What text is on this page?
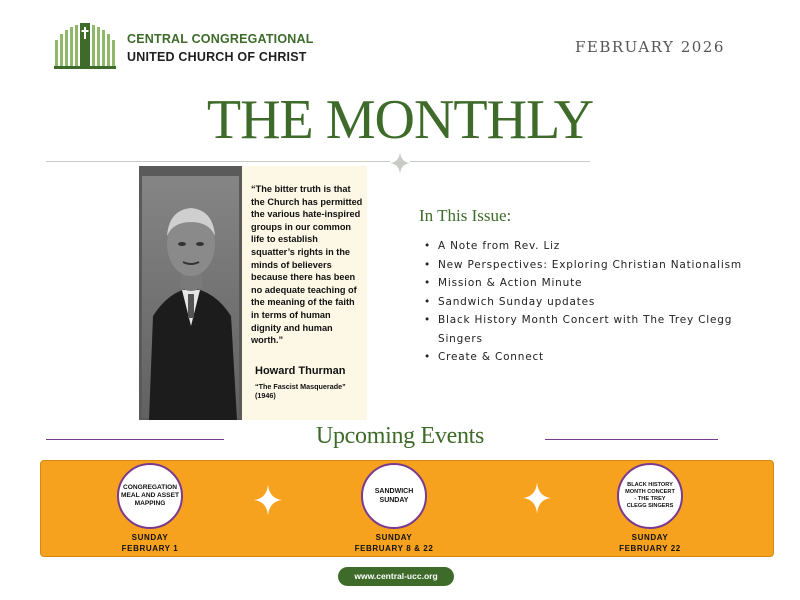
CENTRAL CONGREGATIONAL
UNITED CHURCH OF CHRIST
FEBRUARY 2026
THE MONTHLY
“The bitter truth is that the Church has permitted the various hate-inspired groups in our common life to establish squatter’s rights in the minds of believers because there has been no adequate teaching of the meaning of the faith in terms of human dignity and human worth.”
Howard Thurman
“The Fascist Masquerade” (1946)
In This Issue:
• A Note from Rev. Liz
• New Perspectives: Exploring Christian Nationalism
• Mission & Action Minute
• Sandwich Sunday updates
• Black History Month Concert with The Trey Clegg Singers
• Create & Connect
Upcoming Events
CONGREGATION MEAL AND ASSET MAPPING
SANDWICH SUNDAY
BLACK HISTORY MONTH CONCERT - THE TREY CLEGG SINGERS
SUNDAY
FEBRUARY 1
SUNDAY
FEBRUARY 8 & 22
SUNDAY
FEBRUARY 22
www.central-ucc.org
